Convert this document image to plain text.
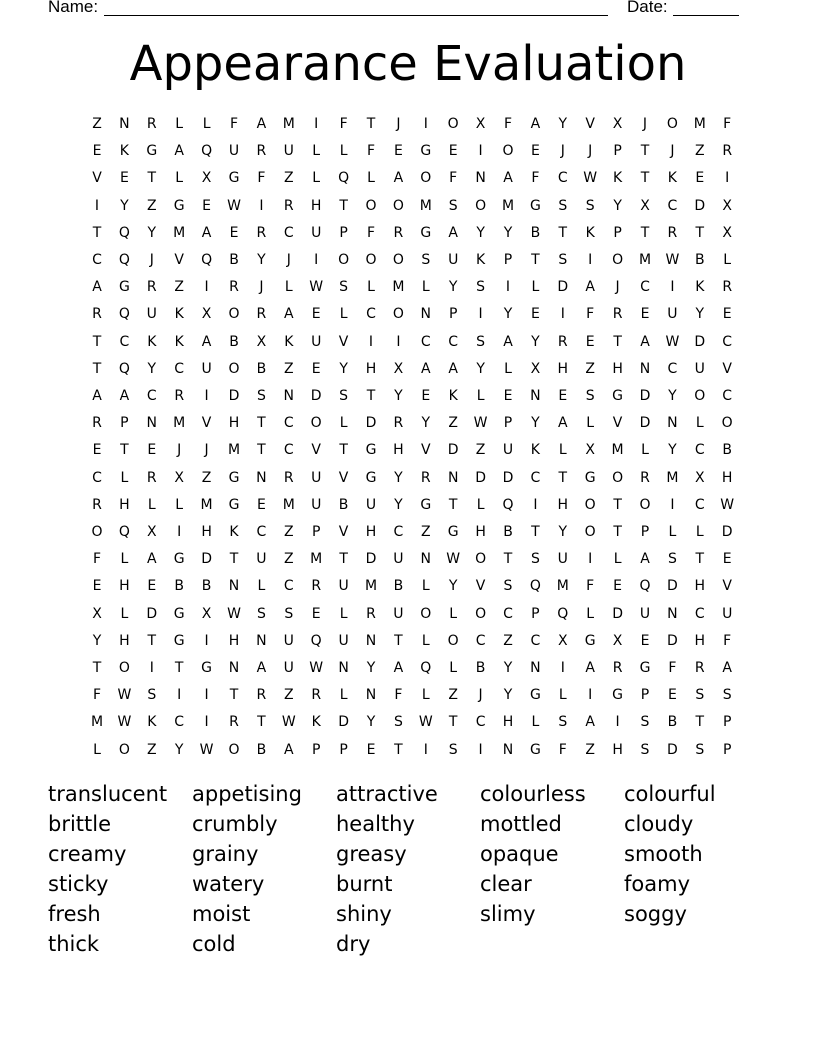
Name:	Date:
Appearance Evaluation
Z	N	R	L	L	F	A	M	I	F	T	J	I	O	X	F	A	Y	V	X	J	O	M	F
E	K	G	A	Q	U	R	U	L	L	F	E	G	E	I	O	E	J	J	P	T	J	Z	R
V	E	T	L	X	G	F	Z	L	Q	L	A	O	F	N	A	F	C	W	K	T	K	E	I
I	Y	Z	G	E	W	I	R	H	T	O	O	M	S	O	M	G	S	S	Y	X	C	D	X
T	Q	Y	M	A	E	R	C	U	P	F	R	G	A	Y	Y	B	T	K	P	T	R	T	X
C	Q	J	V	Q	B	Y	J	I	O	O	O	S	U	K	P	T	S	I	O	M	W	B	L
A	G	R	Z	I	R	J	L	W	S	L	M	L	Y	S	I	L	D	A	J	C	I	K	R
R	Q	U	K	X	O	R	A	E	L	C	O	N	P	I	Y	E	I	F	R	E	U	Y	E
T	C	K	K	A	B	X	K	U	V	I	I	C	C	S	A	Y	R	E	T	A	W	D	C
T	Q	Y	C	U	O	B	Z	E	Y	H	X	A	A	Y	L	X	H	Z	H	N	C	U	V
A	A	C	R	I	D	S	N	D	S	T	Y	E	K	L	E	N	E	S	G	D	Y	O	C
R	P	N	M	V	H	T	C	O	L	D	R	Y	Z	W	P	Y	A	L	V	D	N	L	O
E	T	E	J	J	M	T	C	V	T	G	H	V	D	Z	U	K	L	X	M	L	Y	C	B
C	L	R	X	Z	G	N	R	U	V	G	Y	R	N	D	D	C	T	G	O	R	M	X	H
R	H	L	L	M	G	E	M	U	B	U	Y	G	T	L	Q	I	H	O	T	O	I	C	W
O	Q	X	I	H	K	C	Z	P	V	H	C	Z	G	H	B	T	Y	O	T	P	L	L	D
F	L	A	G	D	T	U	Z	M	T	D	U	N	W	O	T	S	U	I	L	A	S	T	E
E	H	E	B	B	N	L	C	R	U	M	B	L	Y	V	S	Q	M	F	E	Q	D	H	V
X	L	D	G	X	W	S	S	E	L	R	U	O	L	O	C	P	Q	L	D	U	N	C	U
Y	H	T	G	I	H	N	U	Q	U	N	T	L	O	C	Z	C	X	G	X	E	D	H	F
T	O	I	T	G	N	A	U	W	N	Y	A	Q	L	B	Y	N	I	A	R	G	F	R	A
F	W	S	I	I	T	R	Z	R	L	N	F	L	Z	J	Y	G	L	I	G	P	E	S	S
M	W	K	C	I	R	T	W	K	D	Y	S	W	T	C	H	L	S	A	I	S	B	T	P
L	O	Z	Y	W	O	B	A	P	P	E	T	I	S	I	N	G	F	Z	H	S	D	S	P
translucent
brittle
creamy
sticky
fresh
thick
appetising
crumbly
grainy
watery
moist
cold
attractive
healthy
greasy
burnt
shiny
dry
colourless
mottled
opaque
clear
slimy
colourful
cloudy
smooth
foamy
soggy
